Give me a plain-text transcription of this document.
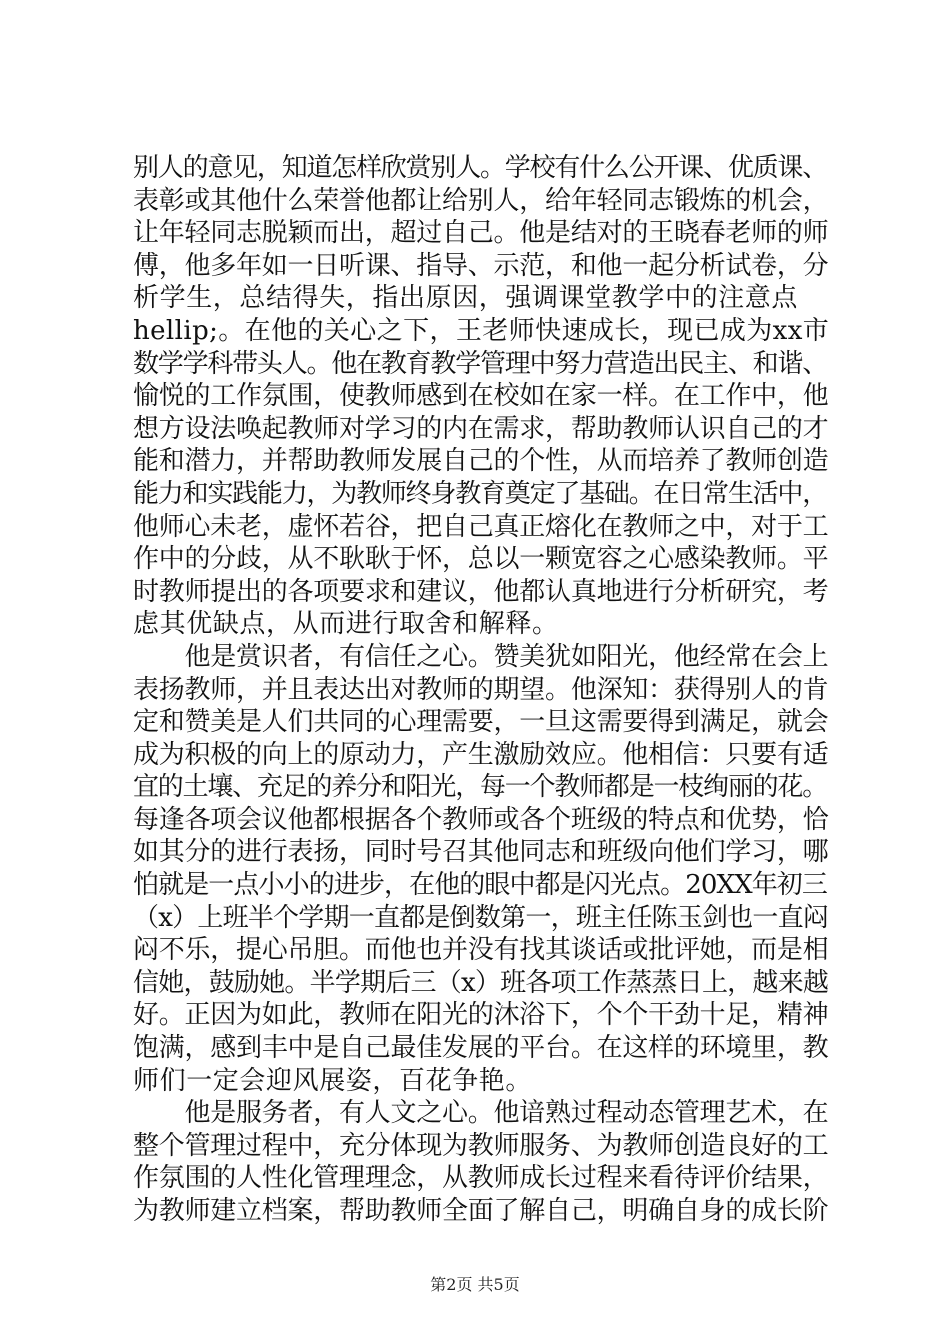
别人的意见，知道怎样欣赏别人。学校有什么公开课、优质课、
表彰或其他什么荣誉他都让给别人，给年轻同志锻炼的机会，
让年轻同志脱颖而出，超过自己。他是结对的王晓春老师的师
傅，他多年如一日听课、指导、示范，和他一起分析试卷，分
析学生，总结得失，指出原因，强调课堂教学中的注意点
hellip;。在他的关心之下，王老师快速成长，现已成为xx市
数学学科带头人。他在教育教学管理中努力营造出民主、和谐、
愉悦的工作氛围，使教师感到在校如在家一样。在工作中，他
想方设法唤起教师对学习的内在需求，帮助教师认识自己的才
能和潜力，并帮助教师发展自己的个性，从而培养了教师创造
能力和实践能力，为教师终身教育奠定了基础。在日常生活中，
他师心未老，虚怀若谷，把自己真正熔化在教师之中，对于工
作中的分歧，从不耿耿于怀，总以一颗宽容之心感染教师。平
时教师提出的各项要求和建议，他都认真地进行分析研究，考
虑其优缺点，从而进行取舍和解释。
　　他是赏识者，有信任之心。赞美犹如阳光，他经常在会上
表扬教师，并且表达出对教师的期望。他深知：获得别人的肯
定和赞美是人们共同的心理需要，一旦这需要得到满足，就会
成为积极的向上的原动力，产生激励效应。他相信：只要有适
宜的土壤、充足的养分和阳光，每一个教师都是一枝绚丽的花。
每逢各项会议他都根据各个教师或各个班级的特点和优势，恰
如其分的进行表扬，同时号召其他同志和班级向他们学习，哪
怕就是一点小小的进步，在他的眼中都是闪光点。20XX年初三
（x）上班半个学期一直都是倒数第一，班主任陈玉剑也一直闷
闷不乐，提心吊胆。而他也并没有找其谈话或批评她，而是相
信她，鼓励她。半学期后三（x）班各项工作蒸蒸日上，越来越
好。正因为如此，教师在阳光的沐浴下，个个干劲十足，精神
饱满，感到丰中是自己最佳发展的平台。在这样的环境里，教
师们一定会迎风展姿，百花争艳。
　　他是服务者，有人文之心。他谙熟过程动态管理艺术，在
整个管理过程中，充分体现为教师服务、为教师创造良好的工
作氛围的人性化管理理念，从教师成长过程来看待评价结果，
为教师建立档案，帮助教师全面了解自己，明确自身的成长阶
第2页 共5页
